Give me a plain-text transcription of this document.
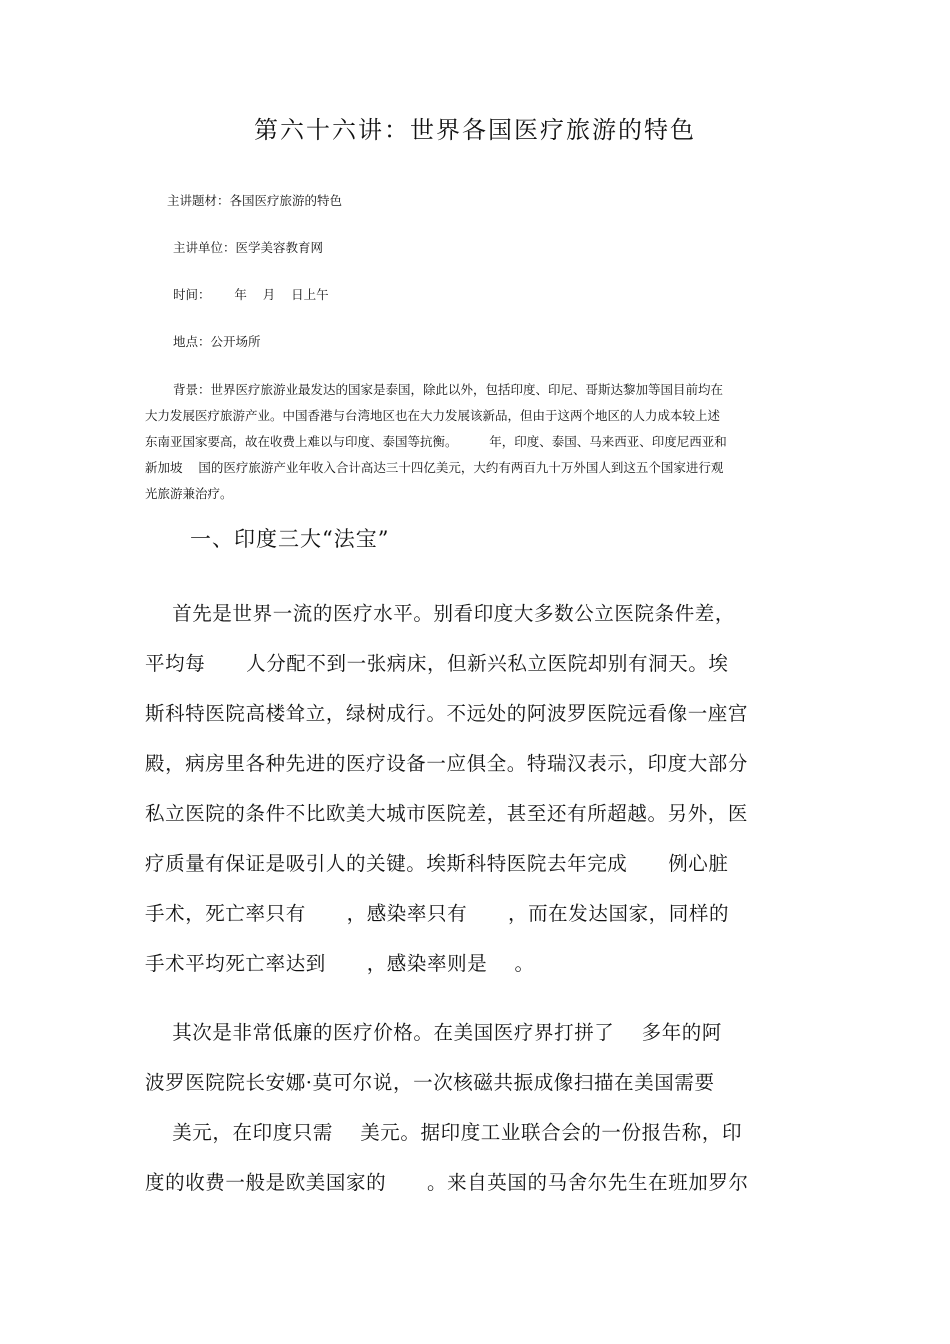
第六十六讲：世界各国医疗旅游的特色
主讲题材：各国医疗旅游的特色
主讲单位：医学美容教育网
时间：      年    月    日上午
地点：公开场所
背景：世界医疗旅游业最发达的国家是泰国，除此以外，包括印度、印尼、哥斯达黎加等国目前均在
大力发展医疗旅游产业。中国香港与台湾地区也在大力发展该新品，但由于这两个地区的人力成本较上述
东南亚国家要高，故在收费上难以与印度、泰国等抗衡。        年，印度、泰国、马来西亚、印度尼西亚和
新加坡    国的医疗旅游产业年收入合计高达三十四亿美元，大约有两百九十万外国人到这五个国家进行观
光旅游兼治疗。
一、印度三大“法宝”
首先是世界一流的医疗水平。别看印度大多数公立医院条件差，
平均每      人分配不到一张病床，但新兴私立医院却别有洞天。埃
斯科特医院高楼耸立，绿树成行。不远处的阿波罗医院远看像一座宫
殿，病房里各种先进的医疗设备一应俱全。特瑞汉表示，印度大部分
私立医院的条件不比欧美大城市医院差，甚至还有所超越。另外，医
疗质量有保证是吸引人的关键。埃斯科特医院去年完成      例心脏
手术，死亡率只有      ，感染率只有      ，而在发达国家，同样的
手术平均死亡率达到      ，感染率则是    。
其次是非常低廉的医疗价格。在美国医疗界打拼了    多年的阿
波罗医院院长安娜·莫可尔说，一次核磁共振成像扫描在美国需要
美元，在印度只需    美元。据印度工业联合会的一份报告称，印
度的收费一般是欧美国家的      。来自英国的马舍尔先生在班加罗尔
